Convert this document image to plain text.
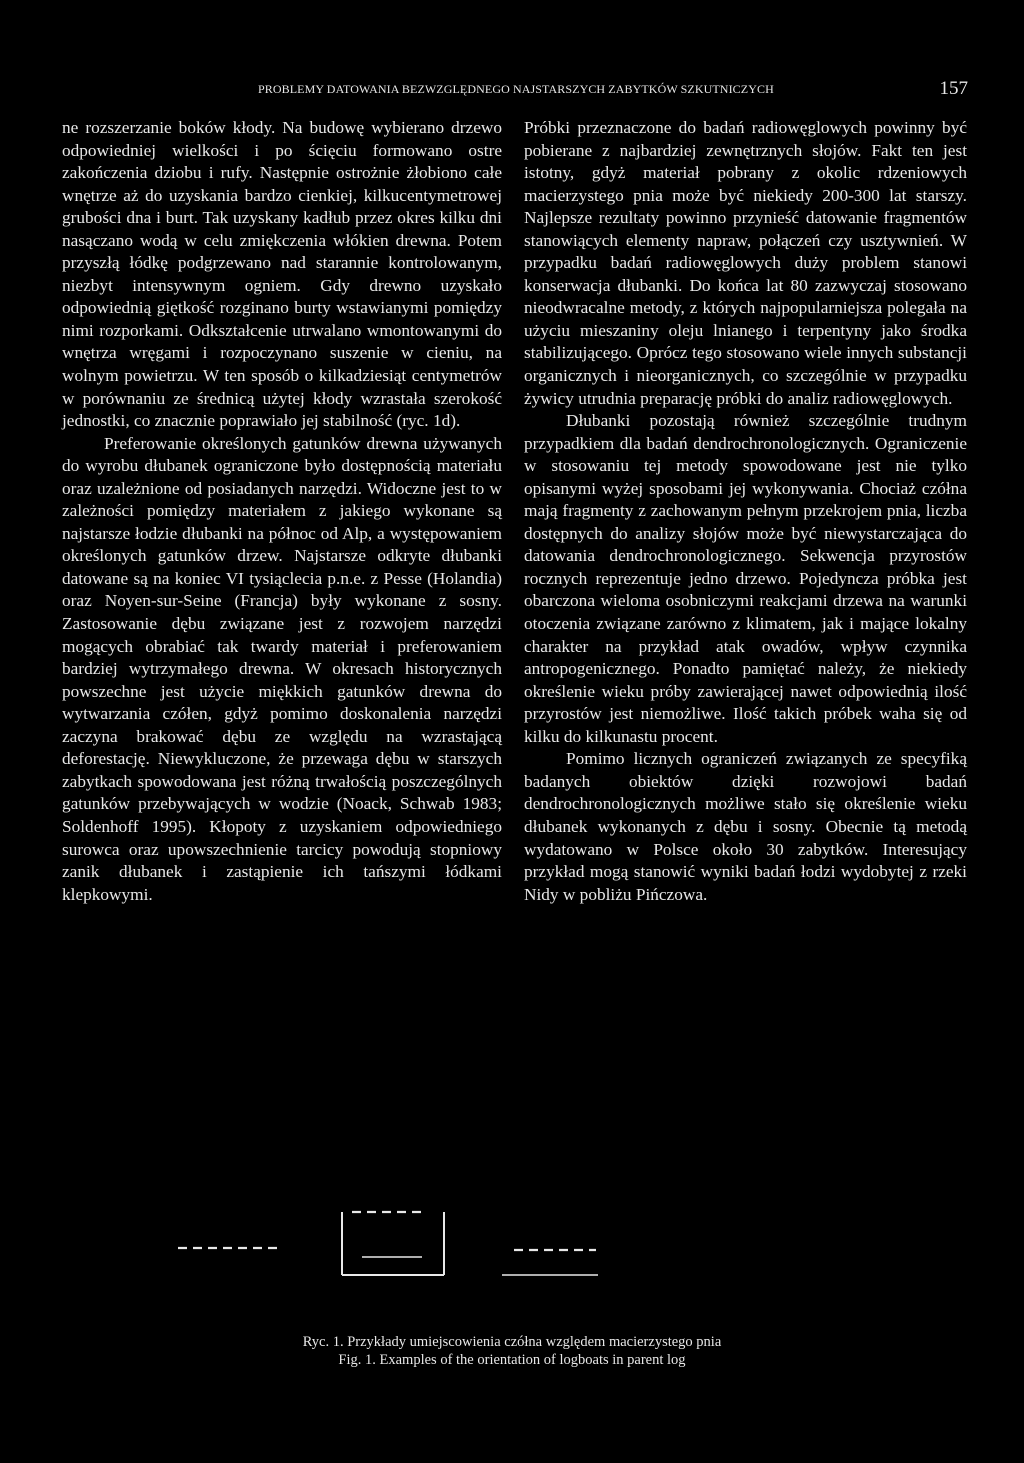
PROBLEMY DATOWANIA BEZWZGLĘDNEGO NAJSTARSZYCH ZABYTKÓW SZKUTNICZYCH	157

ne rozszerzanie boków kłody. Na budowę wybierano drzewo odpowiedniej wielkości i po ścięciu formowano ostre zakończenia dziobu i rufy. Następnie ostrożnie żłobiono całe wnętrze aż do uzyskania bardzo cienkiej, kilkucentymetrowej grubości dna i burt. Tak uzyskany kadłub przez okres kilku dni nasączano wodą w celu zmiękczenia włókien drewna. Potem przyszłą łódkę podgrzewano nad starannie kontrolowanym, niezbyt intensywnym ogniem. Gdy drewno uzyskało odpowiednią giętkość rozginano burty wstawianymi pomiędzy nimi rozporkami. Odkształcenie utrwalano wmontowanymi do wnętrza wręgami i rozpoczynano suszenie w cieniu, na wolnym powietrzu. W ten sposób o kilkadziesiąt centymetrów w porównaniu ze średnicą użytej kłody wzrastała szerokość jednostki, co znacznie poprawiało jej stabilność (ryc. 1d).

Preferowanie określonych gatunków drewna używanych do wyrobu dłubanek ograniczone było dostępnością materiału oraz uzależnione od posiadanych narzędzi. Widoczne jest to w zależności pomiędzy materiałem z jakiego wykonane są najstarsze łodzie dłubanki na północ od Alp, a występowaniem określonych gatunków drzew. Najstarsze odkryte dłubanki datowane są na koniec VI tysiąclecia p.n.e. z Pesse (Holandia) oraz Noyen-sur-Seine (Francja) były wykonane z sosny. Zastosowanie dębu związane jest z rozwojem narzędzi mogących obrabiać tak twardy materiał i preferowaniem bardziej wytrzymałego drewna. W okresach historycznych powszechne jest użycie miękkich gatunków drewna do wytwarzania czółen, gdyż pomimo doskonalenia narzędzi zaczyna brakować dębu ze względu na wzrastającą deforestację. Niewykluczone, że przewaga dębu w starszych zabytkach spowodowana jest różną trwałością poszczególnych gatunków przebywających w wodzie (Noack, Schwab 1983; Soldenhoff 1995). Kłopoty z uzyskaniem odpowiedniego surowca oraz upowszechnienie tarcicy powodują stopniowy zanik dłubanek i zastąpienie ich tańszymi łódkami klepkowymi.

Próbki przeznaczone do badań radiowęglowych powinny być pobierane z najbardziej zewnętrznych słojów. Fakt ten jest istotny, gdyż materiał pobrany z okolic rdzeniowych macierzystego pnia może być niekiedy 200-300 lat starszy. Najlepsze rezultaty powinno przynieść datowanie fragmentów stanowiących elementy napraw, połączeń czy usztywnień. W przypadku badań radiowęglowych duży problem stanowi konserwacja dłubanki. Do końca lat 80 zazwyczaj stosowano nieodwracalne metody, z których najpopularniejsza polegała na użyciu mieszaniny oleju lnianego i terpentyny jako środka stabilizującego. Oprócz tego stosowano wiele innych substancji organicznych i nieorganicznych, co szczególnie w przypadku żywicy utrudnia preparację próbki do analiz radiowęglowych.

Dłubanki pozostają również szczególnie trudnym przypadkiem dla badań dendrochronologicznych. Ograniczenie w stosowaniu tej metody spowodowane jest nie tylko opisanymi wyżej sposobami jej wykonywania. Chociaż czółna mają fragmenty z zachowanym pełnym przekrojem pnia, liczba dostępnych do analizy słojów może być niewystarczająca do datowania dendrochronologicznego. Sekwencja przyrostów rocznych reprezentuje jedno drzewo. Pojedyncza próbka jest obarczona wieloma osobniczymi reakcjami drzewa na warunki otoczenia związane zarówno z klimatem, jak i mające lokalny charakter na przykład atak owadów, wpływ czynnika antropogenicznego. Ponadto pamiętać należy, że niekiedy określenie wieku próby zawierającej nawet odpowiednią ilość przyrostów jest niemożliwe. Ilość takich próbek waha się od kilku do kilkunastu procent.

Pomimo licznych ograniczeń związanych ze specyfiką badanych obiektów dzięki rozwojowi badań dendrochronologicznych możliwe stało się określenie wieku dłubanek wykonanych z dębu i sosny. Obecnie tą metodą wydatowano w Polsce około 30 zabytków. Interesujący przykład mogą stanowić wyniki badań łodzi wydobytej z rzeki Nidy w pobliżu Pińczowa.

Ryc. 1. Przykłady umiejscowienia czółna względem macierzystego pnia
Fig. 1. Examples of the orientation of logboats in parent log
